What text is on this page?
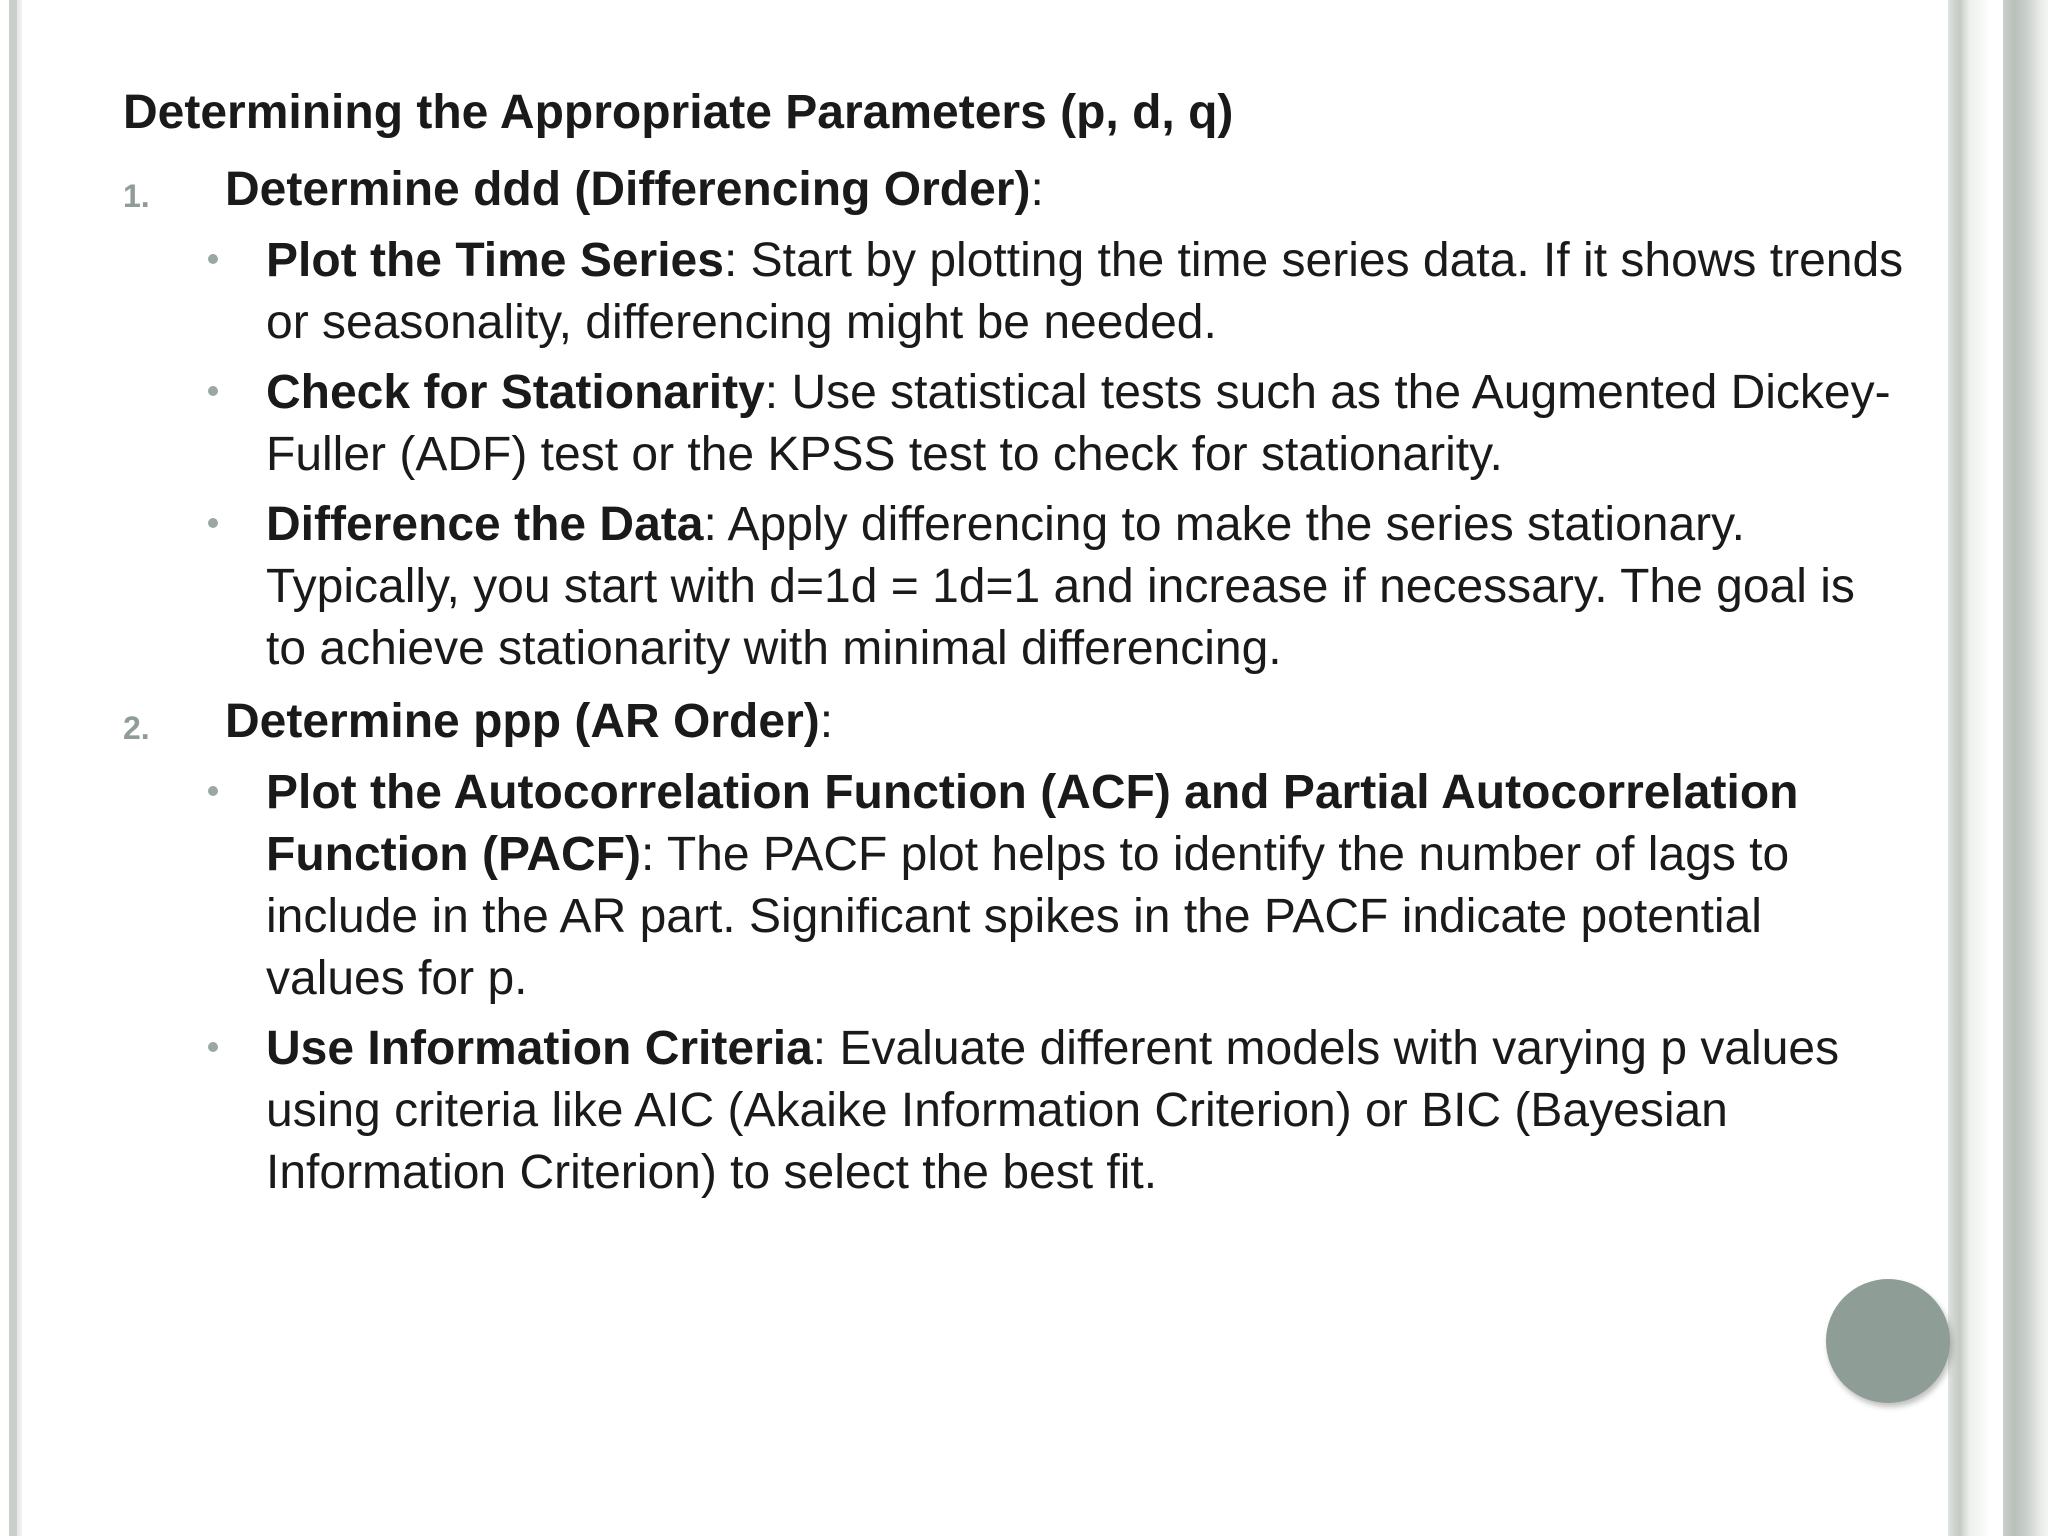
Determining the Appropriate Parameters (p, d, q)
1. Determine ddd (Differencing Order):
Plot the Time Series: Start by plotting the time series data. If it shows trends or seasonality, differencing might be needed.
Check for Stationarity: Use statistical tests such as the Augmented Dickey-Fuller (ADF) test or the KPSS test to check for stationarity.
Difference the Data: Apply differencing to make the series stationary. Typically, you start with d=1d = 1d=1 and increase if necessary. The goal is to achieve stationarity with minimal differencing.
2. Determine ppp (AR Order):
Plot the Autocorrelation Function (ACF) and Partial Autocorrelation Function (PACF): The PACF plot helps to identify the number of lags to include in the AR part. Significant spikes in the PACF indicate potential values for p.
Use Information Criteria: Evaluate different models with varying p values using criteria like AIC (Akaike Information Criterion) or BIC (Bayesian Information Criterion) to select the best fit.
